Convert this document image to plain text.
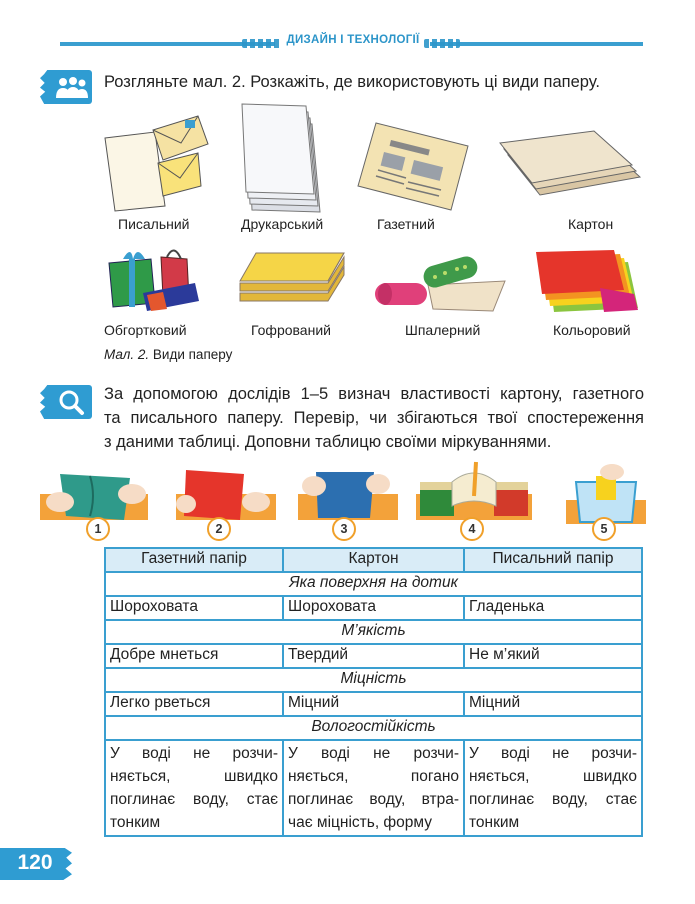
ДИЗАЙН І ТЕХНОЛОГІЇ
Розгляньте мал. 2. Розкажіть, де використовують ці види паперу.
Писальний	Друкарський	Газетний	Картон
Обгортковий	Гофрований	Шпалерний	Кольоровий
Мал. 2. Види паперу
За допомогою дослідів 1–5 визнач властивості картону, газетного
та писального паперу. Перевір, чи збігаються твої спостереження
з даними таблиці. Доповни таблицю своїми міркуваннями.
1	2	3	4	5
Газетний папір	Картон	Писальний папір
Яка поверхня на дотик		
Шороховата	Шороховата	Гладенька
М’якість		
Добре мнеться	Твердий	Не м’який
Міцність		
Легко рветься	Міцний	Міцний
Вологостійкість		
У воді не розчи-няється, швидко поглинає воду, стає тонким	У воді не розчи-няється, погано поглинає воду, втра-чає міцність, форму	У воді не розчи-няється, швидко поглинає воду, стає тонким
120
